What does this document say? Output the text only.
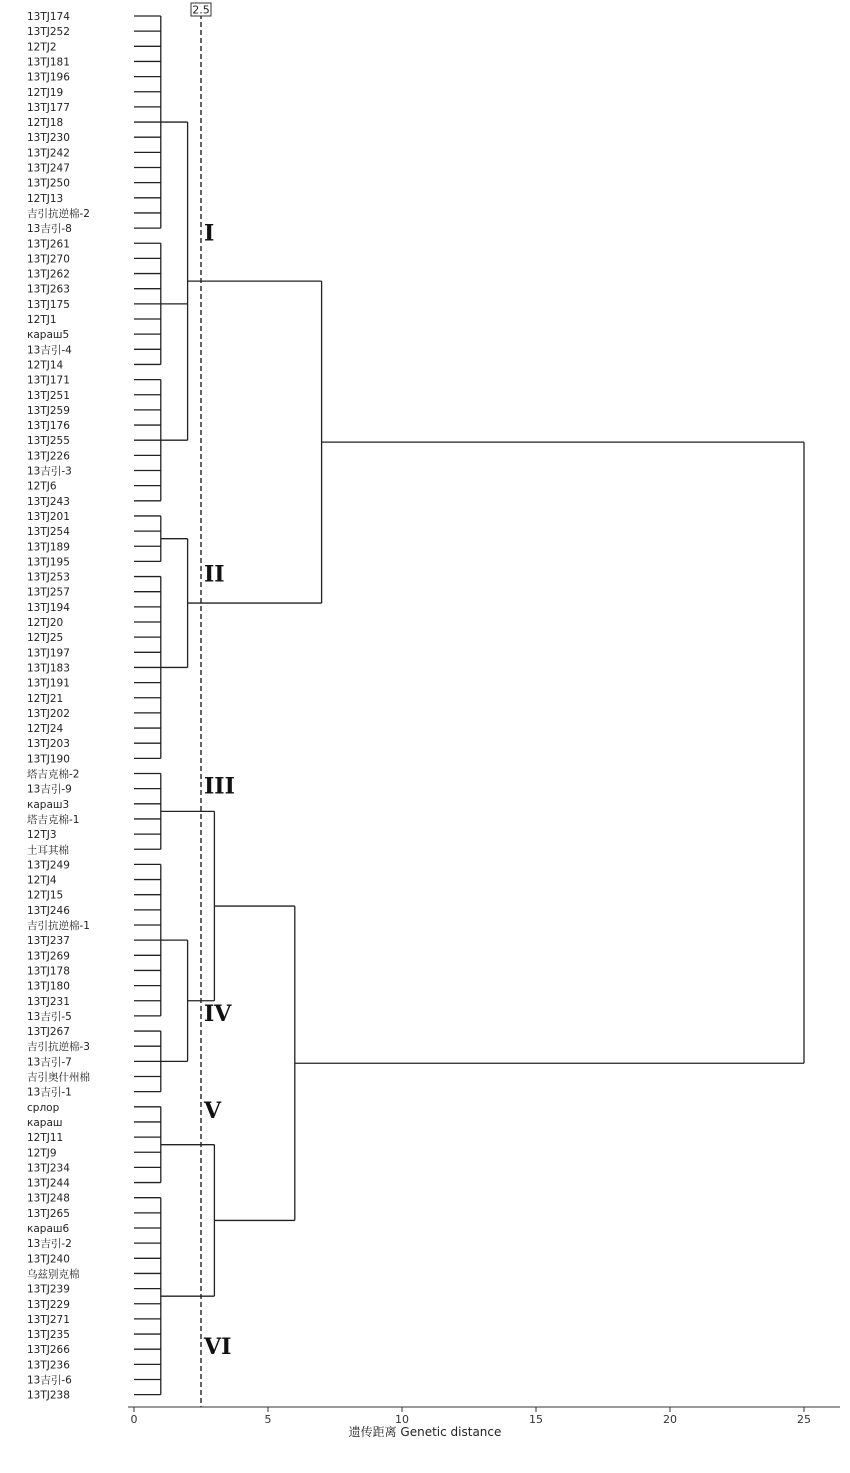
13TJ174
13TJ252
12TJ2
13TJ181
13TJ196
12TJ19
13TJ177
12TJ18
13TJ230
13TJ242
13TJ247
13TJ250
12TJ13
吉引抗逆棉-2
13吉引-8
13TJ261
13TJ270
13TJ262
13TJ263
13TJ175
12TJ1
караш5
13吉引-4
12TJ14
13TJ171
13TJ251
13TJ259
13TJ176
13TJ255
13TJ226
13吉引-3
12TJ6
13TJ243
13TJ201
13TJ254
13TJ189
13TJ195
13TJ253
13TJ257
13TJ194
12TJ20
12TJ25
13TJ197
13TJ183
13TJ191
12TJ21
13TJ202
12TJ24
13TJ203
13TJ190
塔吉克棉-2
13吉引-9
караш3
塔吉克棉-1
12TJ3
土耳其棉
13TJ249
12TJ4
12TJ15
13TJ246
吉引抗逆棉-1
13TJ237
13TJ269
13TJ178
13TJ180
13TJ231
13吉引-5
13TJ267
吉引抗逆棉-3
13吉引-7
吉引奥什州棉
13吉引-1
срлор
караш
12TJ11
12TJ9
13TJ234
13TJ244
13TJ248
13TJ265
караш6
13吉引-2
13TJ240
乌兹别克棉
13TJ239
13TJ229
13TJ271
13TJ235
13TJ266
13TJ236
13吉引-6
13TJ238
2.5
I
II
III
IV
V
VI
0	5	10	15	20	25
遗传距离 Genetic distance
